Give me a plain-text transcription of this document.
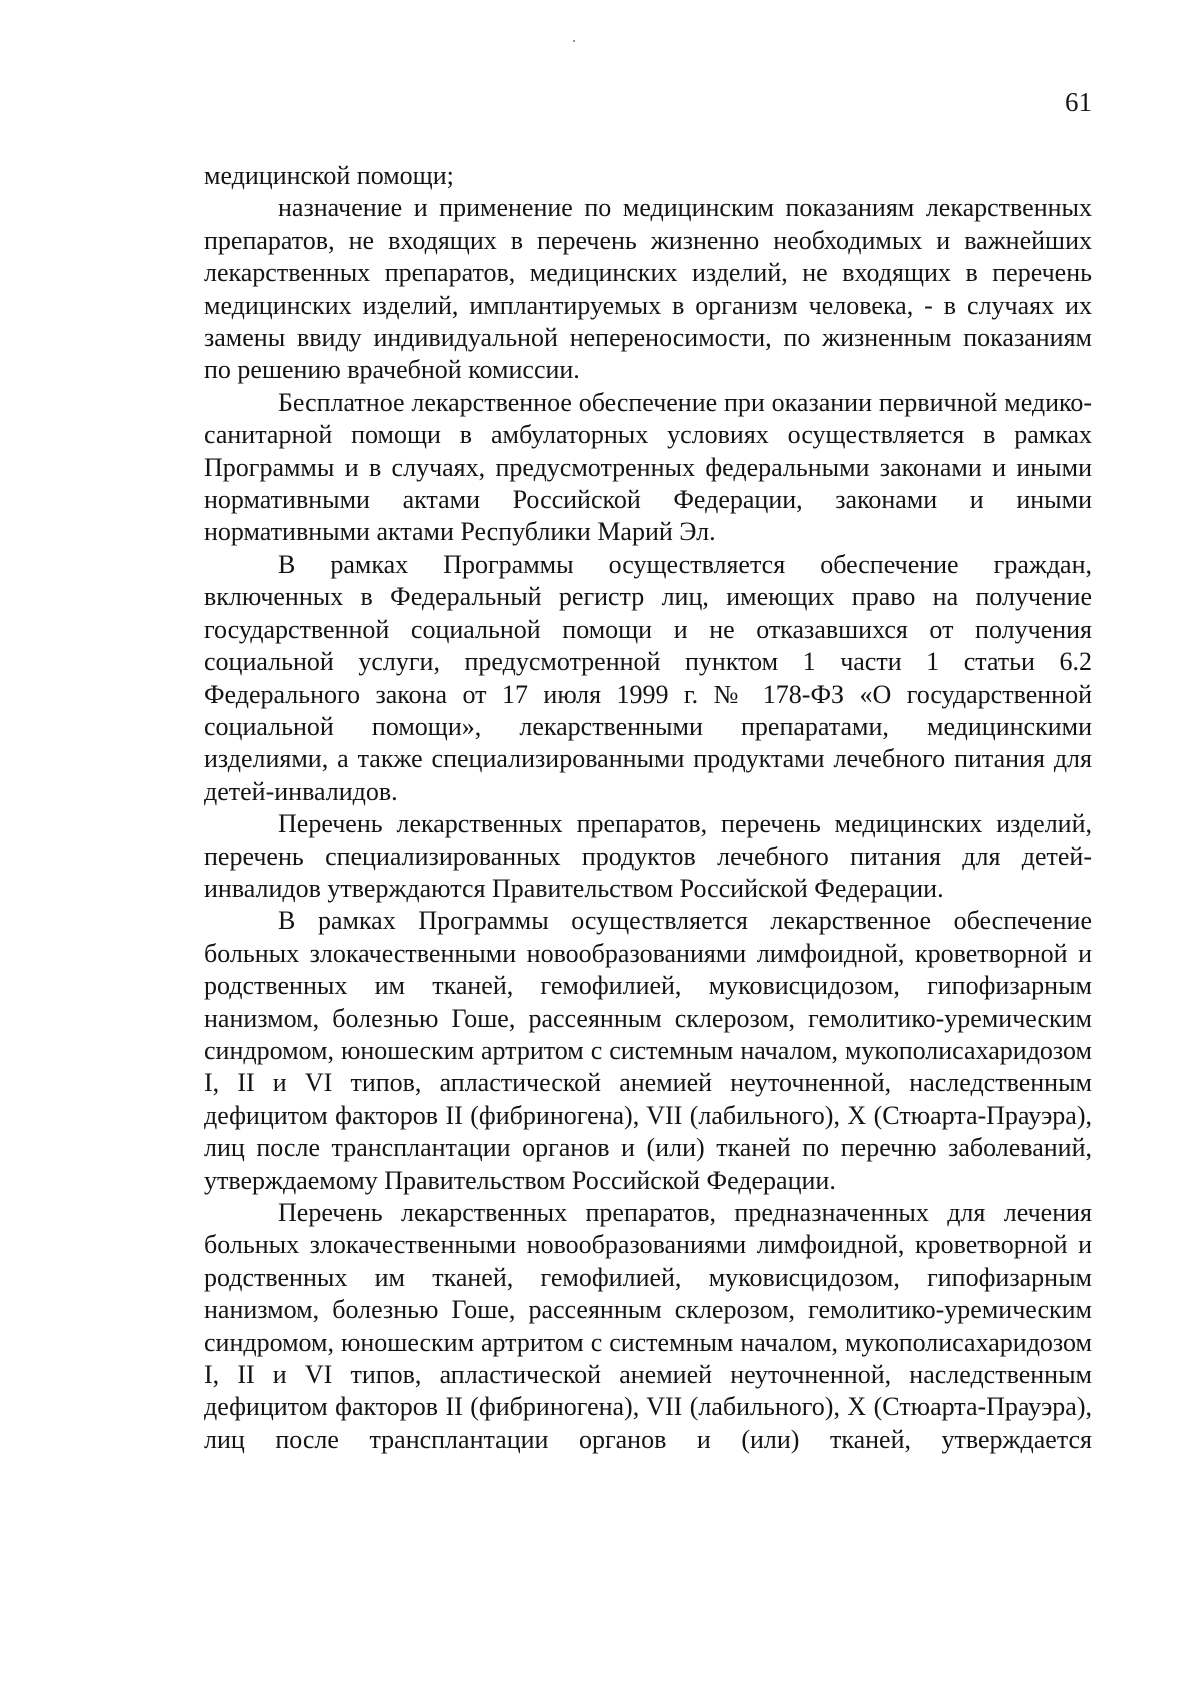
61

медицинской помощи;

назначение и применение по медицинским показаниям лекарственных препаратов, не входящих в перечень жизненно необходимых и важнейших лекарственных препаратов, медицинских изделий, не входящих в перечень медицинских изделий, имплантируемых в организм человека, - в случаях их замены ввиду индивидуальной непереносимости, по жизненным показаниям по решению врачебной комиссии.

Бесплатное лекарственное обеспечение при оказании первичной медико-санитарной помощи в амбулаторных условиях осуществляется в рамках Программы и в случаях, предусмотренных федеральными законами и иными нормативными актами Российской Федерации, законами и иными нормативными актами Республики Марий Эл.

В рамках Программы осуществляется обеспечение граждан, включенных в Федеральный регистр лиц, имеющих право на получение государственной социальной помощи и не отказавшихся от получения социальной услуги, предусмотренной пунктом 1 части 1 статьи 6.2 Федерального закона от 17 июля 1999 г. № 178-ФЗ «О государственной социальной помощи», лекарственными препаратами, медицинскими изделиями, а также специализированными продуктами лечебного питания для детей-инвалидов.

Перечень лекарственных препаратов, перечень медицинских изделий, перечень специализированных продуктов лечебного питания для детей-инвалидов утверждаются Правительством Российской Федерации.

В рамках Программы осуществляется лекарственное обеспечение больных злокачественными новообразованиями лимфоидной, кроветворной и родственных им тканей, гемофилией, муковисцидозом, гипофизарным нанизмом, болезнью Гоше, рассеянным склерозом, гемолитико-уремическим синдромом, юношеским артритом с системным началом, мукополисахаридозом I, II и VI типов, апластической анемией неуточненной, наследственным дефицитом факторов II (фибриногена), VII (лабильного), X (Стюарта-Прауэра), лиц после трансплантации органов и (или) тканей по перечню заболеваний, утверждаемому Правительством Российской Федерации.

Перечень лекарственных препаратов, предназначенных для лечения больных злокачественными новообразованиями лимфоидной, кроветворной и родственных им тканей, гемофилией, муковисцидозом, гипофизарным нанизмом, болезнью Гоше, рассеянным склерозом, гемолитико-уремическим синдромом, юношеским артритом с системным началом, мукополисахаридозом I, II и VI типов, апластической анемией неуточненной, наследственным дефицитом факторов II (фибриногена), VII (лабильного), X (Стюарта-Прауэра), лиц после трансплантации органов и (или) тканей, утверждается
